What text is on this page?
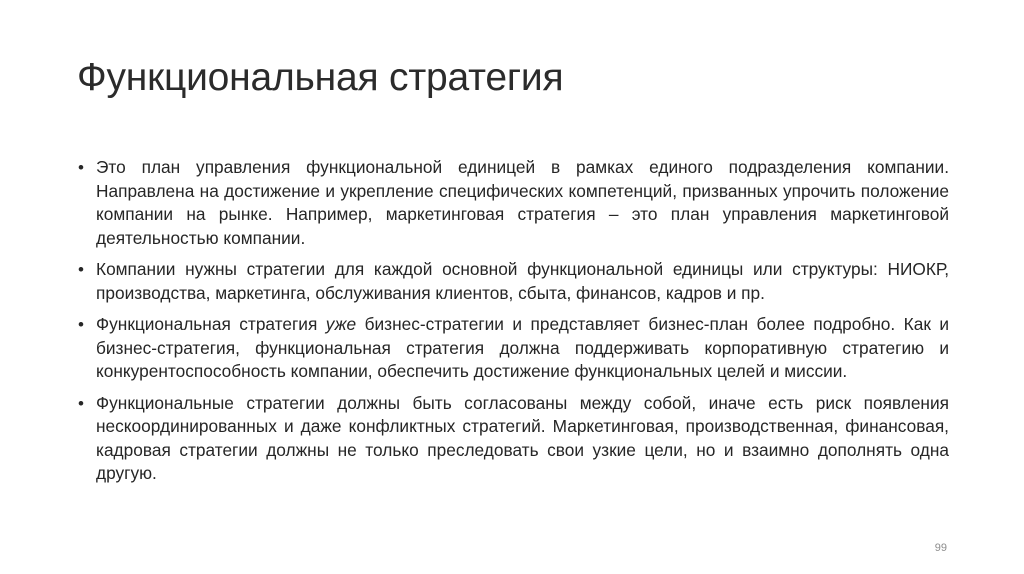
Функциональная стратегия
• Это план управления функциональной единицей в рамках единого подразделения компании. Направлена на достижение и укрепление специфических компетенций, призванных упрочить положение компании на рынке. Например, маркетинговая стратегия – это план управления маркетинговой деятельностью компании.
• Компании нужны стратегии для каждой основной функциональной единицы или структуры: НИОКР, производства, маркетинга, обслуживания клиентов, сбыта, финансов, кадров и пр.
• Функциональная стратегия уже бизнес-стратегии и представляет бизнес-план более подробно. Как и бизнес-стратегия, функциональная стратегия должна поддерживать корпоративную стратегию и конкурентоспособность компании, обеспечить достижение функциональных целей и миссии.
• Функциональные стратегии должны быть согласованы между собой, иначе есть риск появления нескоординированных и даже конфликтных стратегий. Маркетинговая, производственная, финансовая, кадровая стратегии должны не только преследовать свои узкие цели, но и взаимно дополнять одна другую.
99
